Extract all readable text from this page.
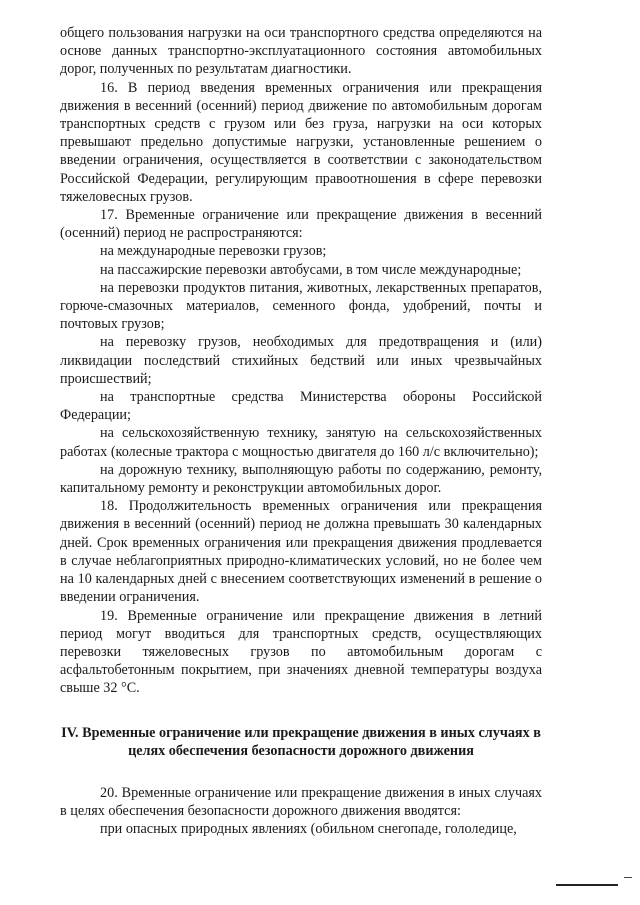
общего пользования нагрузки на оси транспортного средства определяются на основе данных транспортно-эксплуатационного состояния автомобильных дорог, полученных по результатам диагностики.

16. В период введения временных ограничения или прекращения движения в весенний (осенний) период движение по автомобильным дорогам транспортных средств с грузом или без груза, нагрузки на оси которых превышают предельно допустимые нагрузки, установленные решением о введении ограничения, осуществляется в соответствии с законодательством Российской Федерации, регулирующим правоотношения в сфере перевозки тяжеловесных грузов.

17. Временные ограничение или прекращение движения в весенний (осенний) период не распространяются:

на международные перевозки грузов;

на пассажирские перевозки автобусами, в том числе международные;

на перевозки продуктов питания, животных, лекарственных препаратов, горюче-смазочных материалов, семенного фонда, удобрений, почты и почтовых грузов;

на перевозку грузов, необходимых для предотвращения и (или) ликвидации последствий стихийных бедствий или иных чрезвычайных происшествий;

на транспортные средства Министерства обороны Российской Федерации;

на сельскохозяйственную технику, занятую на сельскохозяйственных работах (колесные трактора с мощностью двигателя до 160 л/с включительно);

на дорожную технику, выполняющую работы по содержанию, ремонту, капитальному ремонту и реконструкции автомобильных дорог.

18. Продолжительность временных ограничения или прекращения движения в весенний (осенний) период не должна превышать 30 календарных дней. Срок временных ограничения или прекращения движения продлевается в случае неблагоприятных природно-климатических условий, но не более чем на 10 календарных дней с внесением соответствующих изменений в решение о введении ограничения.

19. Временные ограничение или прекращение движения в летний период могут вводиться для транспортных средств, осуществляющих перевозки тяжеловесных грузов по автомобильным дорогам с асфальтобетонным покрытием, при значениях дневной температуры воздуха свыше 32 °С.

IV. Временные ограничение или прекращение движения в иных случаях в целях обеспечения безопасности дорожного движения

20. Временные ограничение или прекращение движения в иных случаях в целях обеспечения безопасности дорожного движения вводятся:

при опасных природных явлениях (обильном снегопаде, гололедице,
